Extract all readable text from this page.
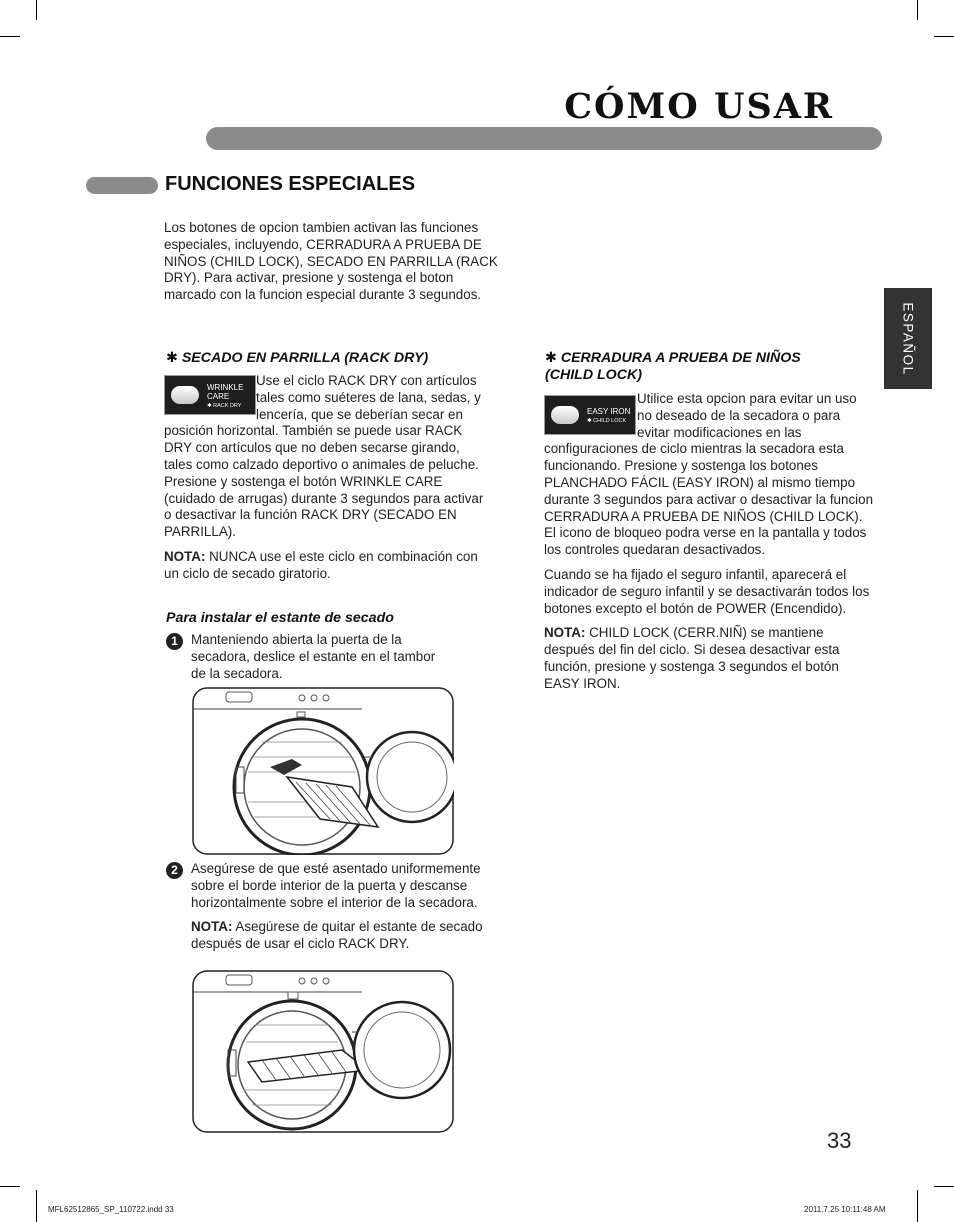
CÓMO USAR
FUNCIONES ESPECIALES
Los botones de opcion tambien activan las funciones especiales, incluyendo, CERRADURA A PRUEBA DE NIÑOS (CHILD LOCK), SECADO EN PARRILLA (RACK DRY). Para activar, presione y sostenga el boton marcado con la funcion especial durante 3 segundos.
ESPAÑOL
✱ SECADO EN PARRILLA (RACK DRY)

Use el ciclo RACK DRY con artículos tales como suéteres de lana, sedas, y lencería, que se deberían secar en posición horizontal. También se puede usar RACK DRY con artículos que no deben secarse girando, tales como calzado deportivo o animales de peluche. Presione y sostenga el botón WRINKLE CARE (cuidado de arrugas) durante 3 segundos para activar o desactivar la función RACK DRY (SECADO EN PARRILLA).

NOTA: NUNCA use el este ciclo en combinación con un ciclo de secado giratorio.

WRINKLE
CARE
✱ RACK DRY
Para instalar el estante de secado
1 Manteniendo abierta la puerta de la secadora, deslice el estante en el tambor de la secadora.
2 Asegúrese de que esté asentado uniformemente sobre el borde interior de la puerta y descanse horizontalmente sobre el interior de la secadora.

NOTA: Asegúrese de quitar el estante de secado después de usar el ciclo RACK DRY.

✱ CERRADURA A PRUEBA DE NIÑOS
(CHILD LOCK)

Utilice esta opcion para evitar un uso no deseado de la secadora o para evitar modificaciones en las configuraciones de ciclo mientras la secadora esta funcionando. Presione y sostenga los botones PLANCHADO FÁCIL (EASY IRON) al mismo tiempo durante 3 segundos para activar o desactivar la funcion CERRADURA A PRUEBA DE NIÑOS (CHILD LOCK). El icono de bloqueo podra verse en la pantalla y todos los controles quedaran desactivados.

Cuando se ha fijado el seguro infantil, aparecerá el indicador de seguro infantil y se desactivarán todos los botones excepto el botón de POWER (Encendido).

NOTA: CHILD LOCK (CERR.NIÑ) se mantiene después del fin del ciclo. Si desea desactivar esta función, presione y sostenga 3 segundos el botón EASY IRON.

EASY IRON
✱ CHILD LOCK
33
MFL62512865_SP_110722.indd 33	2011.7.25 10:11:48 AM
